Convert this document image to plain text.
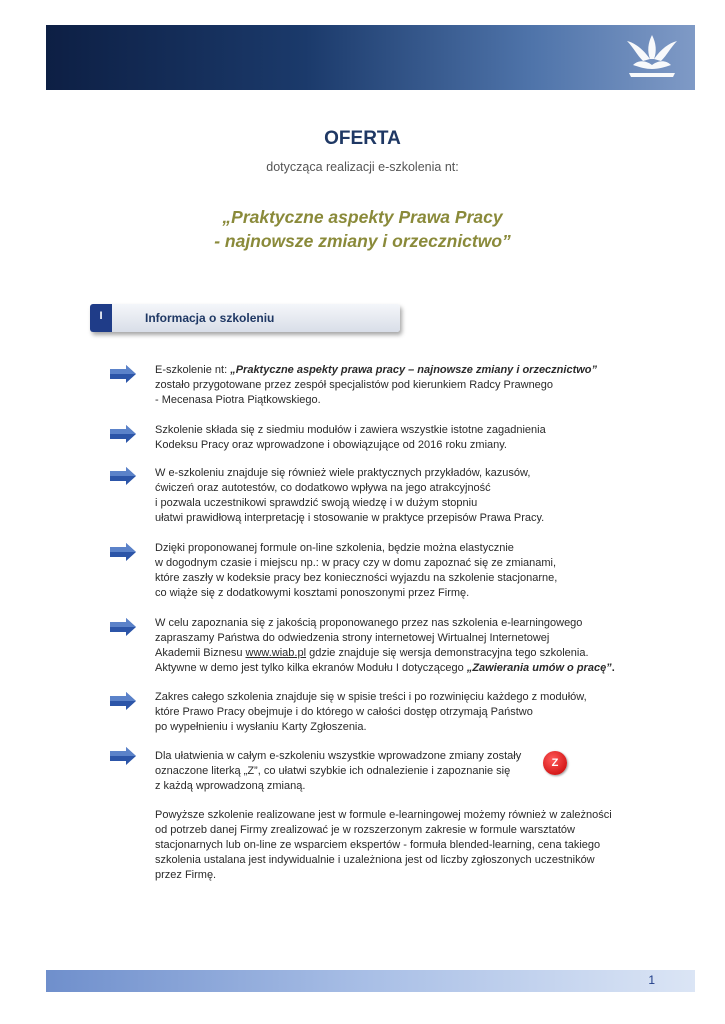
OFERTA
dotycząca realizacji e-szkolenia nt:
„Praktyczne aspekty Prawa Pracy
- najnowsze zmiany i orzecznictwo”
I	Informacja o szkoleniu
E-szkolenie nt: „Praktyczne aspekty prawa pracy – najnowsze zmiany i orzecznictwo”
zostało przygotowane przez zespół specjalistów pod kierunkiem Radcy Prawnego
- Mecenasa Piotra Piątkowskiego.
Szkolenie składa się z siedmiu modułów i zawiera wszystkie istotne zagadnienia
Kodeksu Pracy oraz wprowadzone i obowiązujące od 2016 roku zmiany.
W e-szkoleniu znajduje się również wiele praktycznych przykładów, kazusów,
ćwiczeń oraz autotestów, co dodatkowo wpływa na jego atrakcyjność
i pozwala uczestnikowi sprawdzić swoją wiedzę i w dużym stopniu
ułatwi prawidłową interpretację i stosowanie w praktyce przepisów Prawa Pracy.
Dzięki proponowanej formule on-line szkolenia, będzie można elastycznie
w dogodnym czasie i miejscu np.: w pracy czy w domu zapoznać się ze zmianami,
które zaszły w kodeksie pracy bez konieczności wyjazdu na szkolenie stacjonarne,
co wiąże się z dodatkowymi kosztami ponoszonymi przez Firmę.
W celu zapoznania się z jakością proponowanego przez nas szkolenia e-learningowego
zapraszamy Państwa do odwiedzenia strony internetowej Wirtualnej Internetowej
Akademii Biznesu www.wiab.pl gdzie znajduje się wersja demonstracyjna tego szkolenia.
Aktywne w demo jest tylko kilka ekranów Modułu I dotyczącego „Zawierania umów o pracę”.
Zakres całego szkolenia znajduje się w spisie treści i po rozwinięciu każdego z modułów,
które Prawo Pracy obejmuje i do którego w całości dostęp otrzymają Państwo
po wypełnieniu i wysłaniu Karty Zgłoszenia.
Dla ułatwienia w całym e-szkoleniu wszystkie wprowadzone zmiany zostały
oznaczone literką „Z”, co ułatwi szybkie ich odnalezienie i zapoznanie się
z każdą wprowadzoną zmianą.
Z
Powyższe szkolenie realizowane jest w formule e-learningowej możemy również w zależności
od potrzeb danej Firmy zrealizować je w rozszerzonym zakresie w formule warsztatów
stacjonarnych lub on-line ze wsparciem ekspertów - formuła blended-learning, cena takiego
szkolenia ustalana jest indywidualnie i uzależniona jest od liczby zgłoszonych uczestników
przez Firmę.
1
